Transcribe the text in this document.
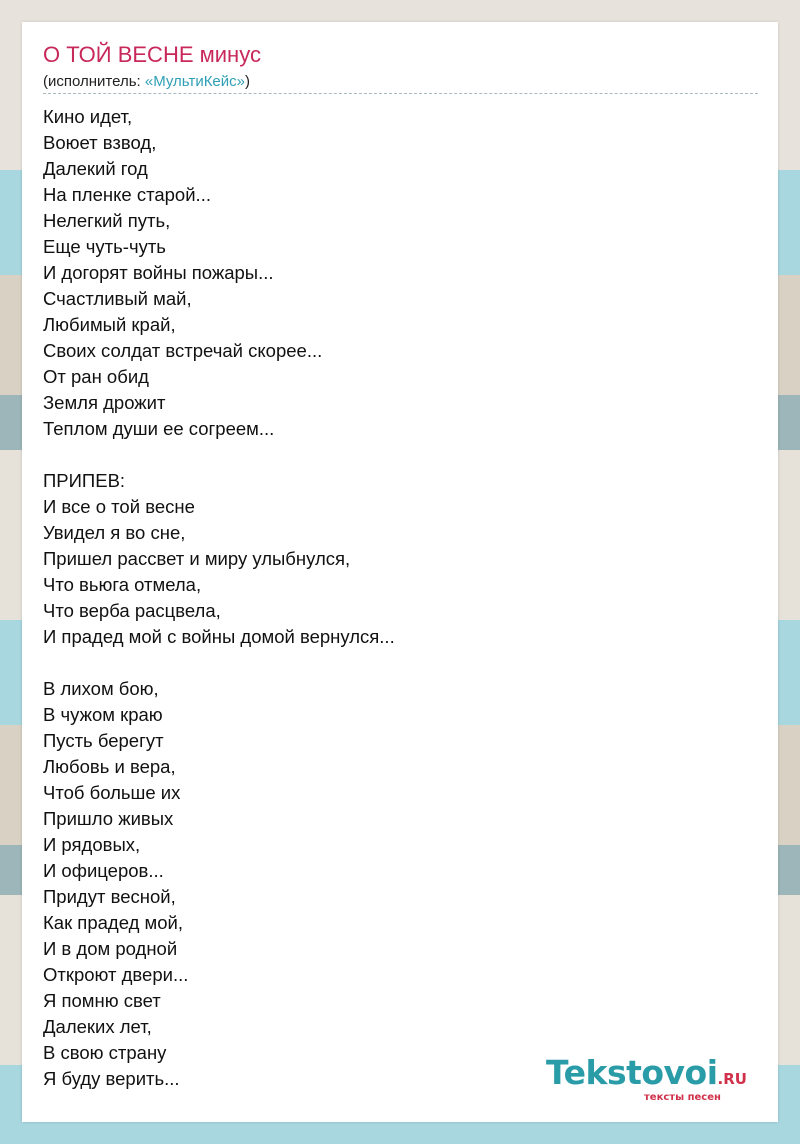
О ТОЙ ВЕСНЕ минус
(исполнитель: «МультиКейс»)
Кино идет,
Воюет взвод,
Далекий год
На пленке старой...
Нелегкий путь,
Еще чуть-чуть
И догорят войны пожары...
Счастливый май,
Любимый край,
Своих солдат встречай скорее...
От ран обид
Земля дрожит
Теплом души ее согреем...
ПРИПЕВ:
И все о той весне
Увидел я во сне,
Пришел рассвет и миру улыбнулся,
Что вьюга отмела,
Что верба расцвела,
И прадед мой с войны домой вернулся...
В лихом бою,
В чужом краю
Пусть берегут
Любовь и вера,
Чтоб больше их
Пришло живых
И рядовых,
И офицеров...
Придут весной,
Как прадед мой,
И в дом родной
Откроют двери...
Я помню свет
Далеких лет,
В свою страну
Я буду верить...	Tekstovoi.RU
тексты песен
